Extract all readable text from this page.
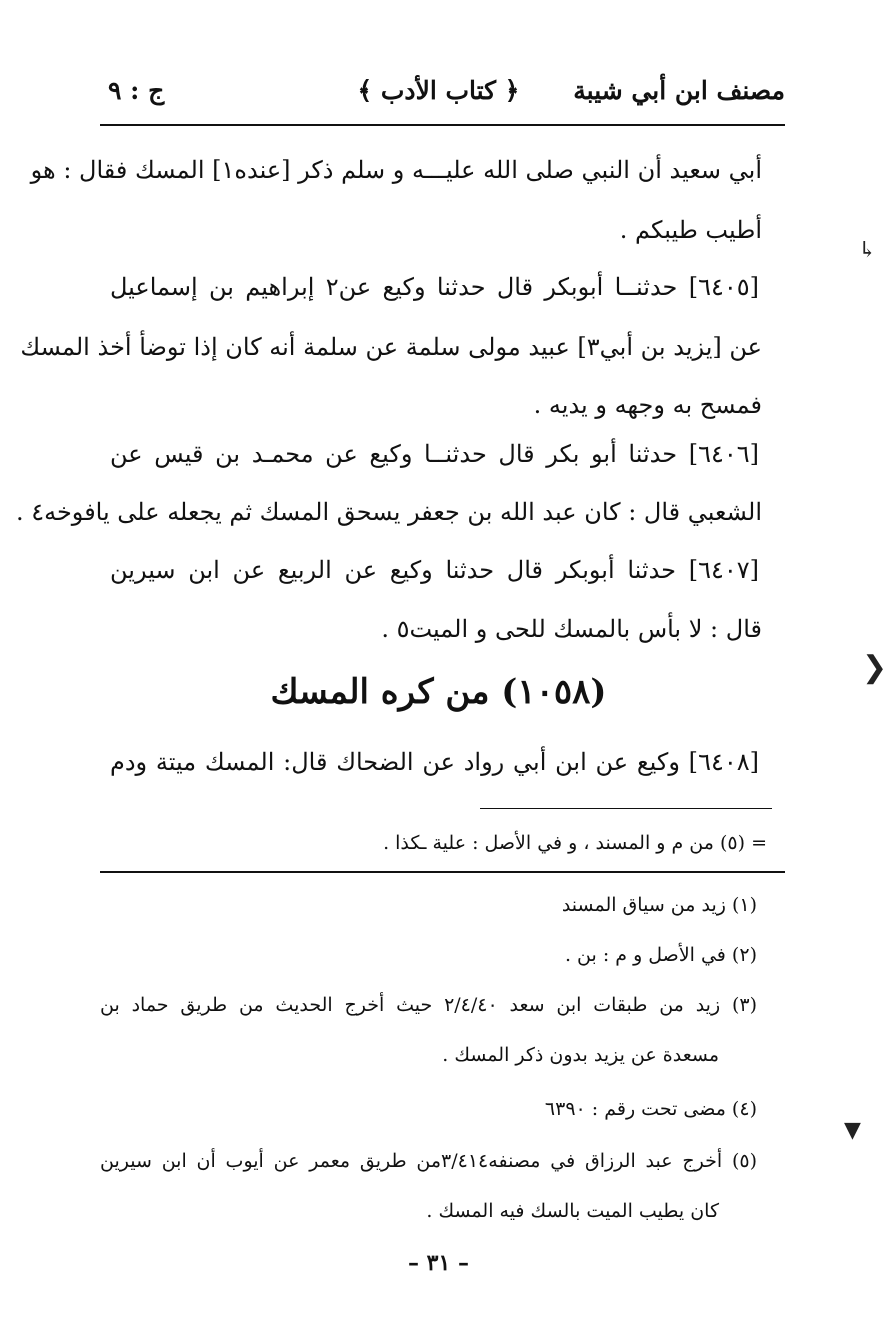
مصنف ابن أبي شيبة
﴿ كتاب الأدب ﴾
ج : ٩
أبي سعيد أن النبي صلى الله عليـــه و سلم ذكر [عنده١] المسك فقال : هو
أطيب طيبكم .
[٦٤٠٥] حدثنــا أبوبكر قال حدثنا وكيع عن٢ إبراهيم بن إسماعيل
عن [يزيد بن أبي٣] عبيد مولى سلمة عن سلمة أنه كان إذا توضأ أخذ المسك
فمسح به وجهه و يديه .
[٦٤٠٦] حدثنا أبو بكر قال حدثنــا وكيع عن محمـد بن قيس عن
الشعبي قال : كان عبد الله بن جعفر يسحق المسك ثم يجعله على يافوخه٤ .
[٦٤٠٧] حدثنا أبوبكر قال حدثنا وكيع عن الربيع عن ابن سيرين
قال : لا بأس بالمسك للحى و الميت٥ .
(١٠٥٨) من كره المسك
[٦٤٠٨] وكيع عن ابن أبي رواد عن الضحاك قال: المسك ميتة ودم
= (٥) من م و المسند ، و في الأصل : علية ـكذا .
(١) زيد من سياق المسند
(٢) في الأصل و م : بن .
(٣) زيد من طبقات ابن سعد ٢/٤/٤٠ حيث أخرج الحديث من طريق حماد بن
مسعدة عن يزيد بدون ذكر المسك .
(٤) مضى تحت رقم : ٦٣٩٠
(٥) أخرج عبد الرزاق في مصنفه٣/٤١٤من طريق معمر عن أيوب أن ابن سيرين
كان يطيب الميت بالسك فيه المسك .
– ٣١ –
↳
❯
▼
